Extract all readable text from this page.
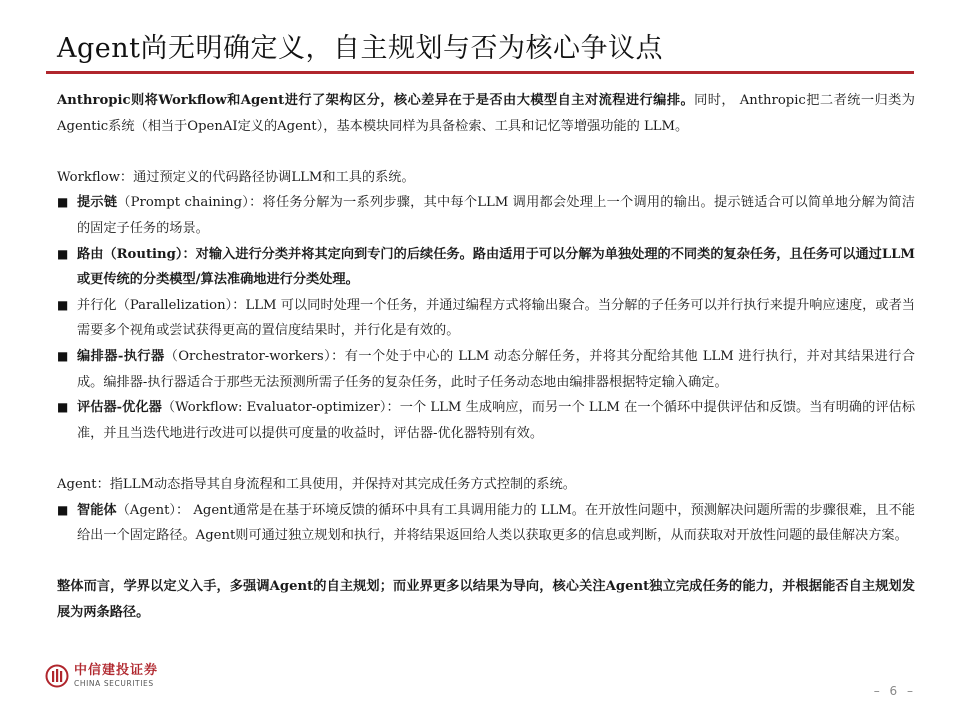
Agent尚无明确定义，自主规划与否为核心争议点

Anthropic则将Workflow和Agent进行了架构区分，核心差异在于是否由大模型自主对流程进行编排。同时， Anthropic把二者统一归类为Agentic系统（相当于OpenAI定义的Agent），基本模块同样为具备检索、工具和记忆等增强功能的 LLM。

Workflow：通过预定义的代码路径协调LLM和工具的系统。

■ 提示链（Prompt chaining）：将任务分解为一系列步骤，其中每个LLM 调用都会处理上一个调用的输出。提示链适合可以简单地分解为简洁的固定子任务的场景。
■ 路由（Routing）：对输入进行分类并将其定向到专门的后续任务。路由适用于可以分解为单独处理的不同类的复杂任务，且任务可以通过LLM或更传统的分类模型/算法准确地进行分类处理。
■ 并行化（Parallelization）：LLM 可以同时处理一个任务，并通过编程方式将输出聚合。当分解的子任务可以并行执行来提升响应速度，或者当需要多个视角或尝试获得更高的置信度结果时，并行化是有效的。
■ 编排器-执行器（Orchestrator-workers）：有一个处于中心的 LLM 动态分解任务，并将其分配给其他 LLM 进行执行，并对其结果进行合成。编排器-执行器适合于那些无法预测所需子任务的复杂任务，此时子任务动态地由编排器根据特定输入确定。
■ 评估器-优化器（Workflow: Evaluator-optimizer）：一个 LLM 生成响应，而另一个 LLM 在一个循环中提供评估和反馈。当有明确的评估标准，并且当迭代地进行改进可以提供可度量的收益时，评估器-优化器特别有效。

Agent：指LLM动态指导其自身流程和工具使用，并保持对其完成任务方式控制的系统。

■ 智能体（Agent）： Agent通常是在基于环境反馈的循环中具有工具调用能力的 LLM。在开放性问题中，预测解决问题所需的步骤很难，且不能给出一个固定路径。Agent则可通过独立规划和执行，并将结果返回给人类以获取更多的信息或判断，从而获取对开放性问题的最佳解决方案。

整体而言，学界以定义入手，多强调Agent的自主规划；而业界更多以结果为导向，核心关注Agent独立完成任务的能力，并根据能否自主规划发展为两条路径。

中信建投证券
CHINA SECURITIES
– 6 –
